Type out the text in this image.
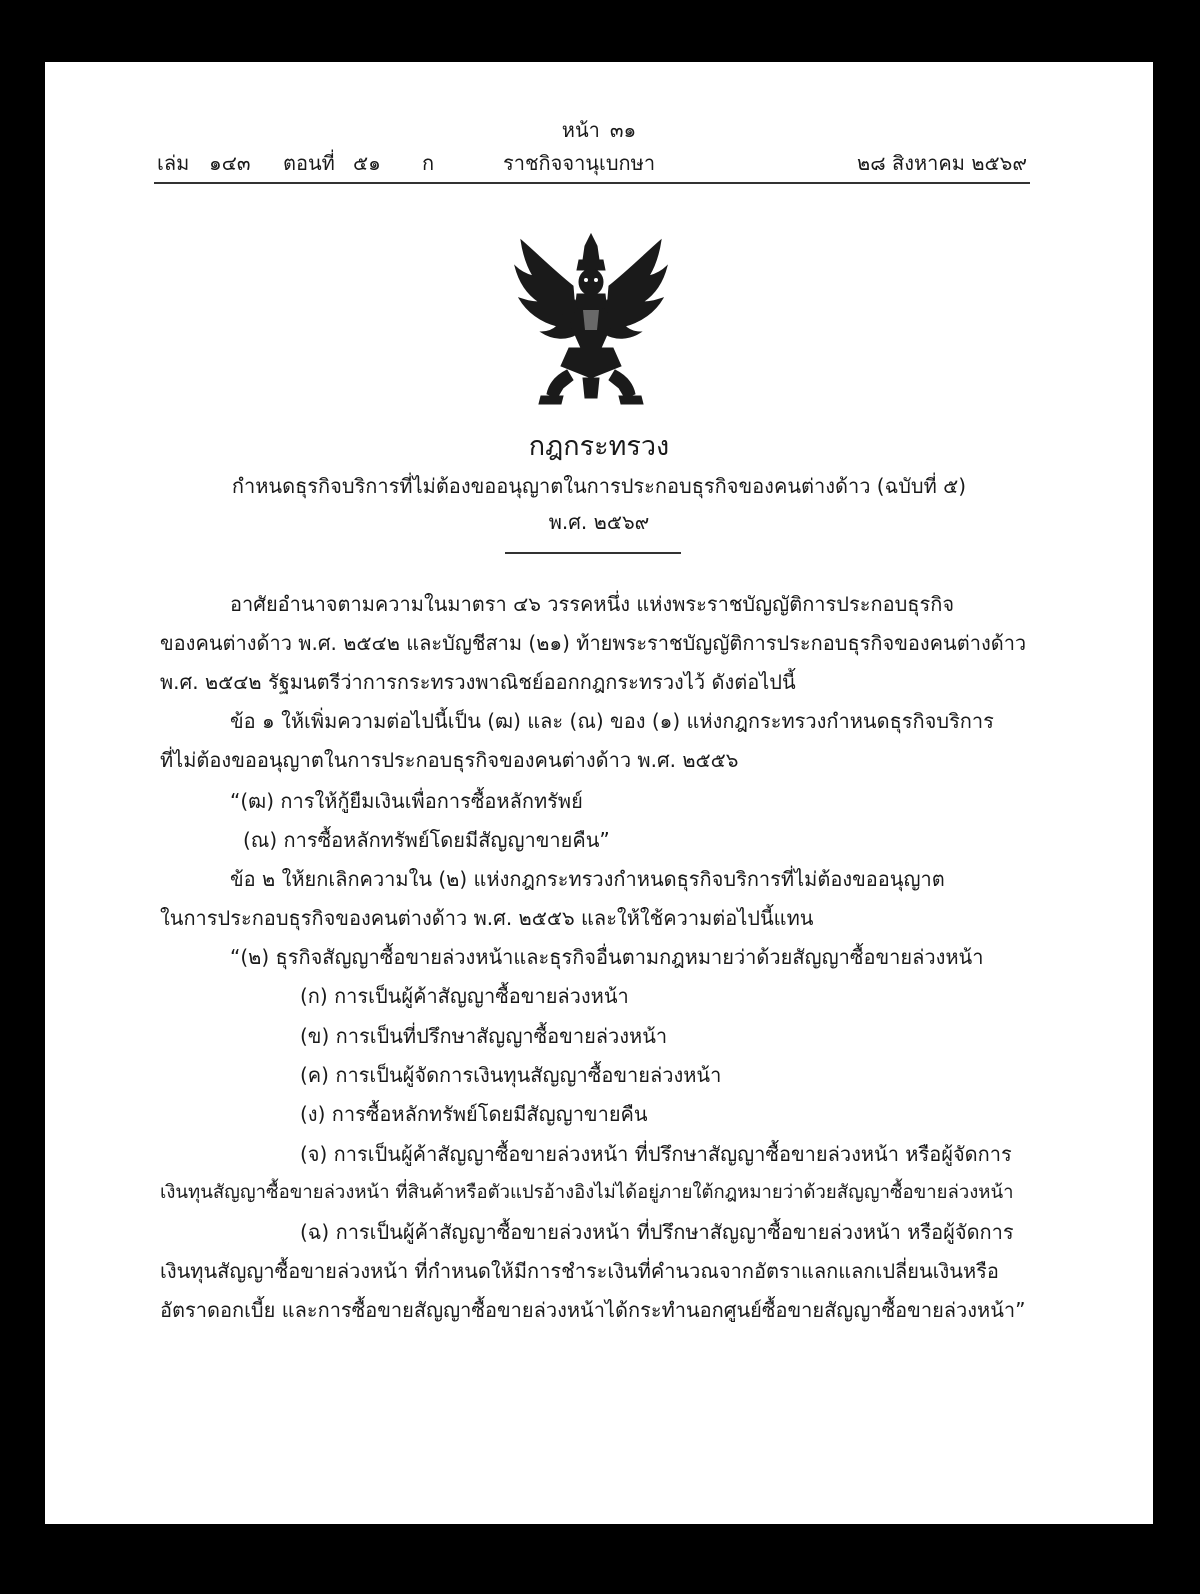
หน้า ๓๑
เล่ม ๑๔๓ ตอนที่ ๕๑ ก	ราชกิจจานุเบกษา	๒๘ สิงหาคม ๒๕๖๙
กฎกระทรวง
กำหนดธุรกิจบริการที่ไม่ต้องขออนุญาตในการประกอบธุรกิจของคนต่างด้าว (ฉบับที่ ๕)
พ.ศ. ๒๕๖๙
อาศัยอำนาจตามความในมาตรา ๔๖ วรรคหนึ่ง แห่งพระราชบัญญัติการประกอบธุรกิจ
ของคนต่างด้าว พ.ศ. ๒๕๔๒ และบัญชีสาม (๒๑) ท้ายพระราชบัญญัติการประกอบธุรกิจของคนต่างด้าว
พ.ศ. ๒๕๔๒ รัฐมนตรีว่าการกระทรวงพาณิชย์ออกกฎกระทรวงไว้ ดังต่อไปนี้
ข้อ ๑ ให้เพิ่มความต่อไปนี้เป็น (ฒ) และ (ณ) ของ (๑) แห่งกฎกระทรวงกำหนดธุรกิจบริการ
ที่ไม่ต้องขออนุญาตในการประกอบธุรกิจของคนต่างด้าว พ.ศ. ๒๕๕๖
“(ฒ) การให้กู้ยืมเงินเพื่อการซื้อหลักทรัพย์
(ณ) การซื้อหลักทรัพย์โดยมีสัญญาขายคืน”
ข้อ ๒ ให้ยกเลิกความใน (๒) แห่งกฎกระทรวงกำหนดธุรกิจบริการที่ไม่ต้องขออนุญาต
ในการประกอบธุรกิจของคนต่างด้าว พ.ศ. ๒๕๕๖ และให้ใช้ความต่อไปนี้แทน
“(๒) ธุรกิจสัญญาซื้อขายล่วงหน้าและธุรกิจอื่นตามกฎหมายว่าด้วยสัญญาซื้อขายล่วงหน้า
(ก) การเป็นผู้ค้าสัญญาซื้อขายล่วงหน้า
(ข) การเป็นที่ปรึกษาสัญญาซื้อขายล่วงหน้า
(ค) การเป็นผู้จัดการเงินทุนสัญญาซื้อขายล่วงหน้า
(ง) การซื้อหลักทรัพย์โดยมีสัญญาขายคืน
(จ) การเป็นผู้ค้าสัญญาซื้อขายล่วงหน้า ที่ปรึกษาสัญญาซื้อขายล่วงหน้า หรือผู้จัดการ
เงินทุนสัญญาซื้อขายล่วงหน้า ที่สินค้าหรือตัวแปรอ้างอิงไม่ได้อยู่ภายใต้กฎหมายว่าด้วยสัญญาซื้อขายล่วงหน้า
(ฉ) การเป็นผู้ค้าสัญญาซื้อขายล่วงหน้า ที่ปรึกษาสัญญาซื้อขายล่วงหน้า หรือผู้จัดการ
เงินทุนสัญญาซื้อขายล่วงหน้า ที่กำหนดให้มีการชำระเงินที่คำนวณจากอัตราแลกแลกเปลี่ยนเงินหรือ
อัตราดอกเบี้ย และการซื้อขายสัญญาซื้อขายล่วงหน้าได้กระทำนอกศูนย์ซื้อขายสัญญาซื้อขายล่วงหน้า”
